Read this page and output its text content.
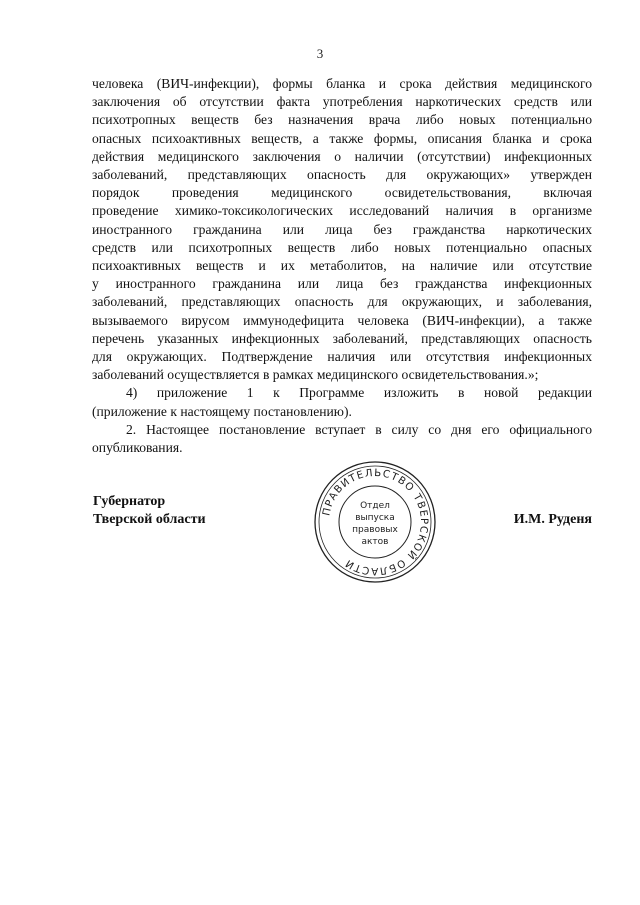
3
человека (ВИЧ-инфекции), формы бланка и срока действия медицинского
заключения об отсутствии факта употребления наркотических средств или
психотропных веществ без назначения врача либо новых потенциально
опасных психоактивных веществ, а также формы, описания бланка и срока
действия медицинского заключения о наличии (отсутствии) инфекционных
заболеваний, представляющих опасность для окружающих» утвержден
порядок проведения медицинского освидетельствования, включая
проведение химико-токсикологических исследований наличия в организме
иностранного гражданина или лица без гражданства наркотических
средств или психотропных веществ либо новых потенциально опасных
психоактивных веществ и их метаболитов, на наличие или отсутствие
у иностранного гражданина или лица без гражданства инфекционных
заболеваний, представляющих опасность для окружающих, и заболевания,
вызываемого вирусом иммунодефицита человека (ВИЧ-инфекции), а также
перечень указанных инфекционных заболеваний, представляющих опасность
для окружающих. Подтверждение наличия или отсутствия инфекционных
заболеваний осуществляется в рамках медицинского освидетельствования.»;
4) приложение 1 к Программе изложить в новой редакции
(приложение к настоящему постановлению).
2. Настоящее постановление вступает в силу со дня его официального
опубликования.
Губернатор
Тверской области	И.М. Руденя
ПРАВИТЕЛЬСТВО ТВЕРСКОЙ ОБЛАСТИ
Отдел
выпуска
правовых
актов
